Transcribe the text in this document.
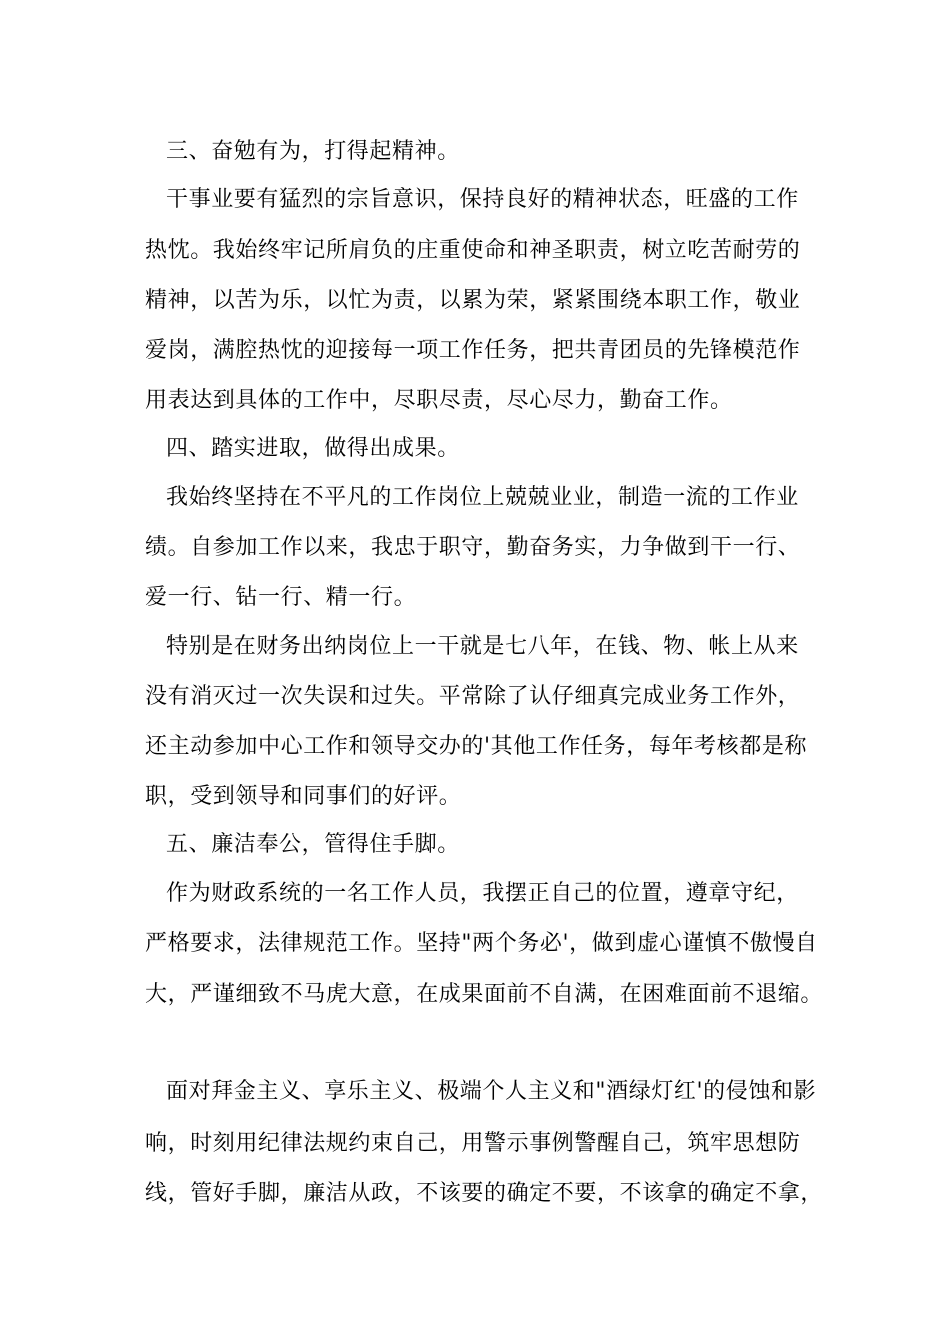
三、奋勉有为，打得起精神。
干事业要有猛烈的宗旨意识，保持良好的精神状态，旺盛的工作
热忱。我始终牢记所肩负的庄重使命和神圣职责，树立吃苦耐劳的
精神，以苦为乐，以忙为责，以累为荣，紧紧围绕本职工作，敬业
爱岗，满腔热忱的迎接每一项工作任务，把共青团员的先锋模范作
用表达到具体的工作中，尽职尽责，尽心尽力，勤奋工作。
四、踏实进取，做得出成果。
我始终坚持在不平凡的工作岗位上兢兢业业，制造一流的工作业
绩。自参加工作以来，我忠于职守，勤奋务实，力争做到干一行、
爱一行、钻一行、精一行。
特别是在财务出纳岗位上一干就是七八年，在钱、物、帐上从来
没有消灭过一次失误和过失。平常除了认仔细真完成业务工作外，
还主动参加中心工作和领导交办的'其他工作任务，每年考核都是称
职，受到领导和同事们的好评。
五、廉洁奉公，管得住手脚。
作为财政系统的一名工作人员，我摆正自己的位置，遵章守纪，
严格要求，法律规范工作。坚持"两个务必'，做到虚心谨慎不傲慢自
大，严谨细致不马虎大意，在成果面前不自满，在困难面前不退缩。
面对拜金主义、享乐主义、极端个人主义和"酒绿灯红'的侵蚀和影
响，时刻用纪律法规约束自己，用警示事例警醒自己，筑牢思想防
线，管好手脚，廉洁从政，不该要的确定不要，不该拿的确定不拿，
